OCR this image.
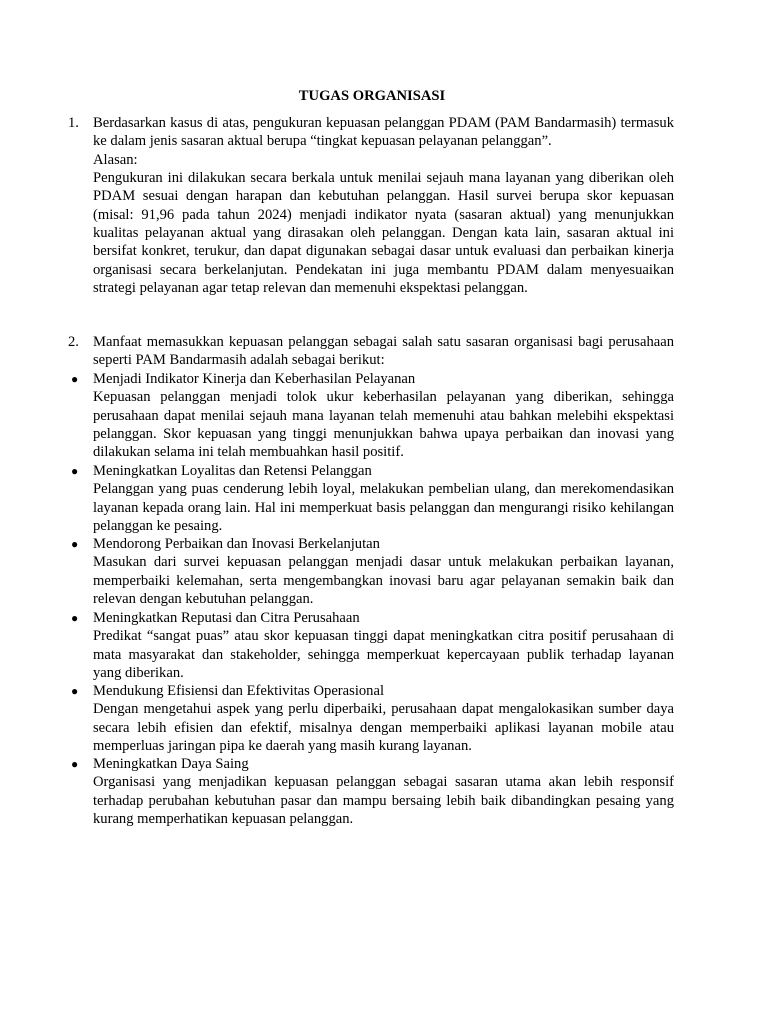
TUGAS ORGANISASI
1. Berdasarkan kasus di atas, pengukuran kepuasan pelanggan PDAM (PAM Bandarmasih) termasuk ke dalam jenis sasaran aktual berupa “tingkat kepuasan pelayanan pelanggan”.

Alasan:

Pengukuran ini dilakukan secara berkala untuk menilai sejauh mana layanan yang diberikan oleh PDAM sesuai dengan harapan dan kebutuhan pelanggan. Hasil survei berupa skor kepuasan (misal: 91,96 pada tahun 2024) menjadi indikator nyata (sasaran aktual) yang menunjukkan kualitas pelayanan aktual yang dirasakan oleh pelanggan. Dengan kata lain, sasaran aktual ini bersifat konkret, terukur, dan dapat digunakan sebagai dasar untuk evaluasi dan perbaikan kinerja organisasi secara berkelanjutan. Pendekatan ini juga membantu PDAM dalam menyesuaikan strategi pelayanan agar tetap relevan dan memenuhi ekspektasi pelanggan.

2. Manfaat memasukkan kepuasan pelanggan sebagai salah satu sasaran organisasi bagi perusahaan seperti PAM Bandarmasih adalah sebagai berikut:

● Menjadi Indikator Kinerja dan Keberhasilan Pelayanan

Kepuasan pelanggan menjadi tolok ukur keberhasilan pelayanan yang diberikan, sehingga perusahaan dapat menilai sejauh mana layanan telah memenuhi atau bahkan melebihi ekspektasi pelanggan. Skor kepuasan yang tinggi menunjukkan bahwa upaya perbaikan dan inovasi yang dilakukan selama ini telah membuahkan hasil positif.

● Meningkatkan Loyalitas dan Retensi Pelanggan

Pelanggan yang puas cenderung lebih loyal, melakukan pembelian ulang, dan merekomendasikan layanan kepada orang lain. Hal ini memperkuat basis pelanggan dan mengurangi risiko kehilangan pelanggan ke pesaing.

● Mendorong Perbaikan dan Inovasi Berkelanjutan

Masukan dari survei kepuasan pelanggan menjadi dasar untuk melakukan perbaikan layanan, memperbaiki kelemahan, serta mengembangkan inovasi baru agar pelayanan semakin baik dan relevan dengan kebutuhan pelanggan.

● Meningkatkan Reputasi dan Citra Perusahaan

Predikat “sangat puas” atau skor kepuasan tinggi dapat meningkatkan citra positif perusahaan di mata masyarakat dan stakeholder, sehingga memperkuat kepercayaan publik terhadap layanan yang diberikan.

● Mendukung Efisiensi dan Efektivitas Operasional

Dengan mengetahui aspek yang perlu diperbaiki, perusahaan dapat mengalokasikan sumber daya secara lebih efisien dan efektif, misalnya dengan memperbaiki aplikasi layanan mobile atau memperluas jaringan pipa ke daerah yang masih kurang layanan.

● Meningkatkan Daya Saing

Organisasi yang menjadikan kepuasan pelanggan sebagai sasaran utama akan lebih responsif terhadap perubahan kebutuhan pasar dan mampu bersaing lebih baik dibandingkan pesaing yang kurang memperhatikan kepuasan pelanggan.
